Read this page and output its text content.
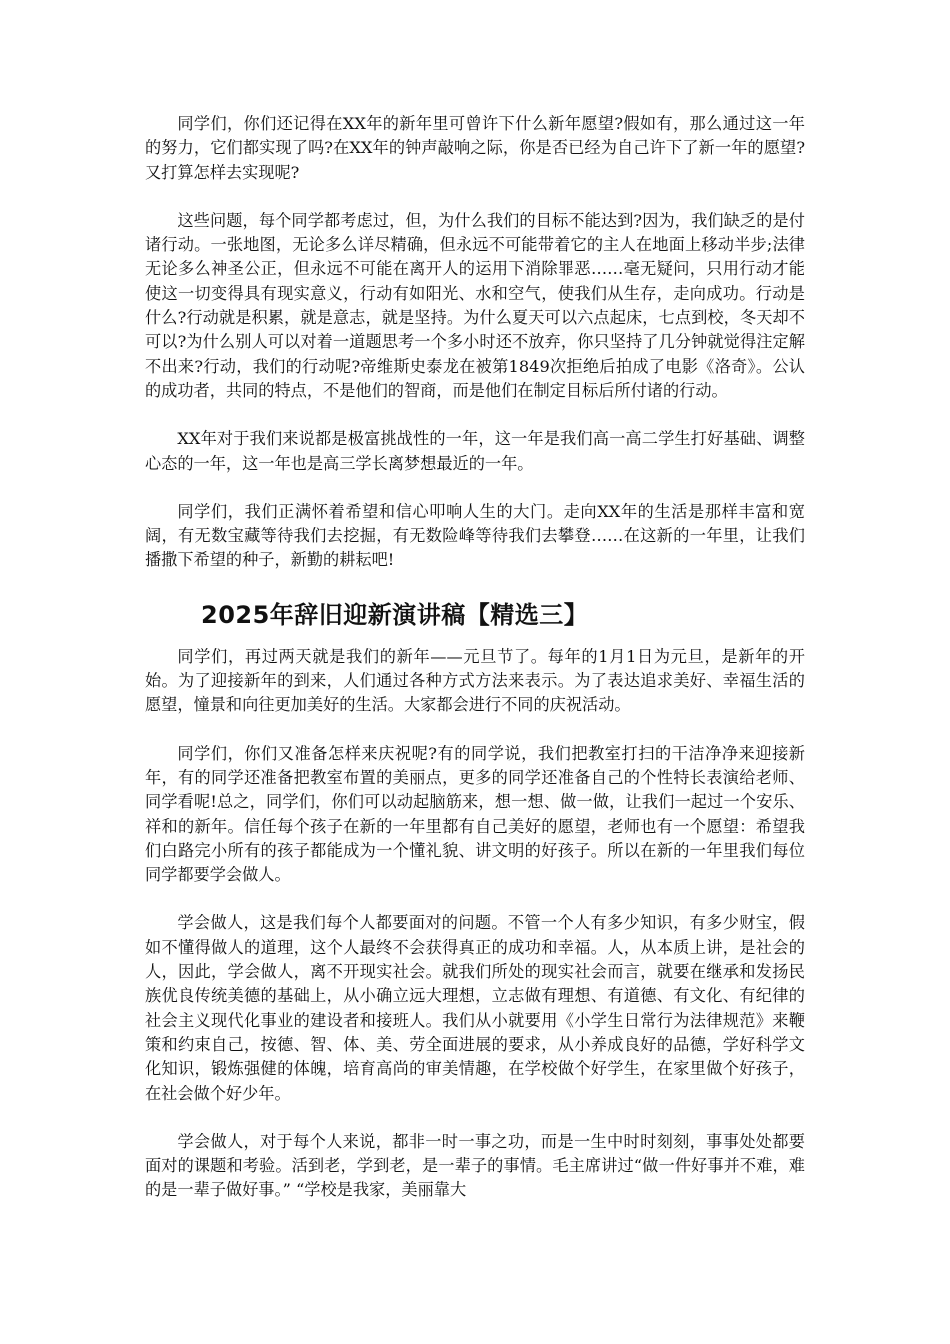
同学们，你们还记得在XX年的新年里可曾许下什么新年愿望?假如有，那么通过这一年的努力，它们都实现了吗?在XX年的钟声敲响之际，你是否已经为自己许下了新一年的愿望?又打算怎样去实现呢?

这些问题，每个同学都考虑过，但，为什么我们的目标不能达到?因为，我们缺乏的是付诸行动。一张地图，无论多么详尽精确，但永远不可能带着它的主人在地面上移动半步;法律无论多么神圣公正，但永远不可能在离开人的运用下消除罪恶……毫无疑问，只用行动才能使这一切变得具有现实意义，行动有如阳光、水和空气，使我们从生存，走向成功。行动是什么?行动就是积累，就是意志，就是坚持。为什么夏天可以六点起床，七点到校，冬天却不可以?为什么别人可以对着一道题思考一个多小时还不放弃，你只坚持了几分钟就觉得注定解不出来?行动，我们的行动呢?帝维斯史泰龙在被第1849次拒绝后拍成了电影《洛奇》。公认的成功者，共同的特点，不是他们的智商，而是他们在制定目标后所付诸的行动。

XX年对于我们来说都是极富挑战性的一年，这一年是我们高一高二学生打好基础、调整心态的一年，这一年也是高三学长离梦想最近的一年。

同学们，我们正满怀着希望和信心叩响人生的大门。走向XX年的生活是那样丰富和宽阔，有无数宝藏等待我们去挖掘，有无数险峰等待我们去攀登……在这新的一年里，让我们播撒下希望的种子，新勤的耕耘吧!

2025年辞旧迎新演讲稿【精选三】

同学们，再过两天就是我们的新年——元旦节了。每年的1月1日为元旦，是新年的开始。为了迎接新年的到来，人们通过各种方式方法来表示。为了表达追求美好、幸福生活的愿望，憧景和向往更加美好的生活。大家都会进行不同的庆祝活动。

同学们，你们又准备怎样来庆祝呢?有的同学说，我们把教室打扫的干洁净净来迎接新年，有的同学还准备把教室布置的美丽点，更多的同学还准备自己的个性特长表演给老师、同学看呢!总之，同学们，你们可以动起脑筋来，想一想、做一做，让我们一起过一个安乐、祥和的新年。信任每个孩子在新的一年里都有自己美好的愿望，老师也有一个愿望：希望我们白路完小所有的孩子都能成为一个懂礼貌、讲文明的好孩子。所以在新的一年里我们每位同学都要学会做人。

学会做人，这是我们每个人都要面对的问题。不管一个人有多少知识，有多少财宝，假如不懂得做人的道理，这个人最终不会获得真正的成功和幸福。人，从本质上讲，是社会的人，因此，学会做人，离不开现实社会。就我们所处的现实社会而言，就要在继承和发扬民族优良传统美德的基础上，从小确立远大理想，立志做有理想、有道德、有文化、有纪律的社会主义现代化事业的建设者和接班人。我们从小就要用《小学生日常行为法律规范》来鞭策和约束自己，按德、智、体、美、劳全面进展的要求，从小养成良好的品德，学好科学文化知识，锻炼强健的体魄，培育高尚的审美情趣，在学校做个好学生，在家里做个好孩子，在社会做个好少年。

学会做人，对于每个人来说，都非一时一事之功，而是一生中时时刻刻，事事处处都要面对的课题和考验。活到老，学到老，是一辈子的事情。毛主席讲过“做一件好事并不难，难的是一辈子做好事。” “学校是我家，美丽靠大
